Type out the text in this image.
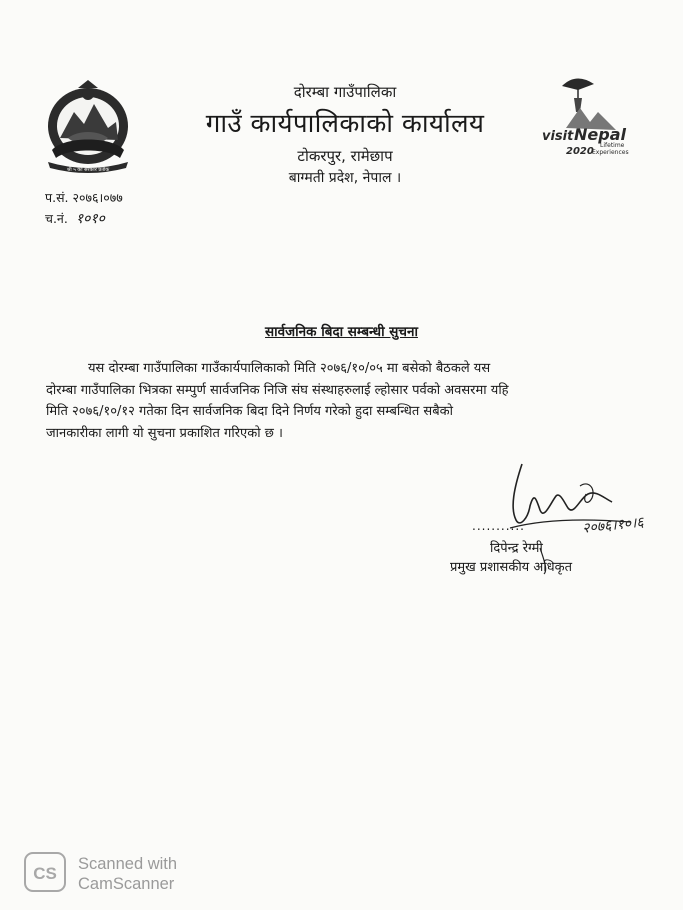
श्री ५ को सरकार प्रतीक
visit Nepal
2020
Lifetime
Experiences
दोरम्बा गाउँपालिका
गाउँ कार्यपालिकाको कार्यालय
टोकरपुर, रामेछाप
बाग्मती प्रदेश, नेपाल ।
प.सं. २०७६।०७७
च.नं. १०१०
सार्वजनिक बिदा सम्बन्धी सुचना

यस दोरम्बा गाउँपालिका गाउँकार्यपालिकाको मिति २०७६/१०/०५ मा बसेको बैठकले यस
दोरम्बा गाउँपालिका भित्रका सम्पुर्ण सार्वजनिक निजि संघ संस्थाहरुलाई ल्होसार पर्वको अवसरमा यहि
मिति २०७६/१०/१२ गतेका दिन सार्वजनिक बिदा दिने निर्णय गरेको हुदा सम्बन्धित सबैको
जानकारीका लागी यो सुचना प्रकाशित गरिएको छ ।

२०७६।१०।६
...........
दिपेन्द्र रेग्मी
प्रमुख प्रशासकीय अधिकृत
CS Scanned with
CamScanner
